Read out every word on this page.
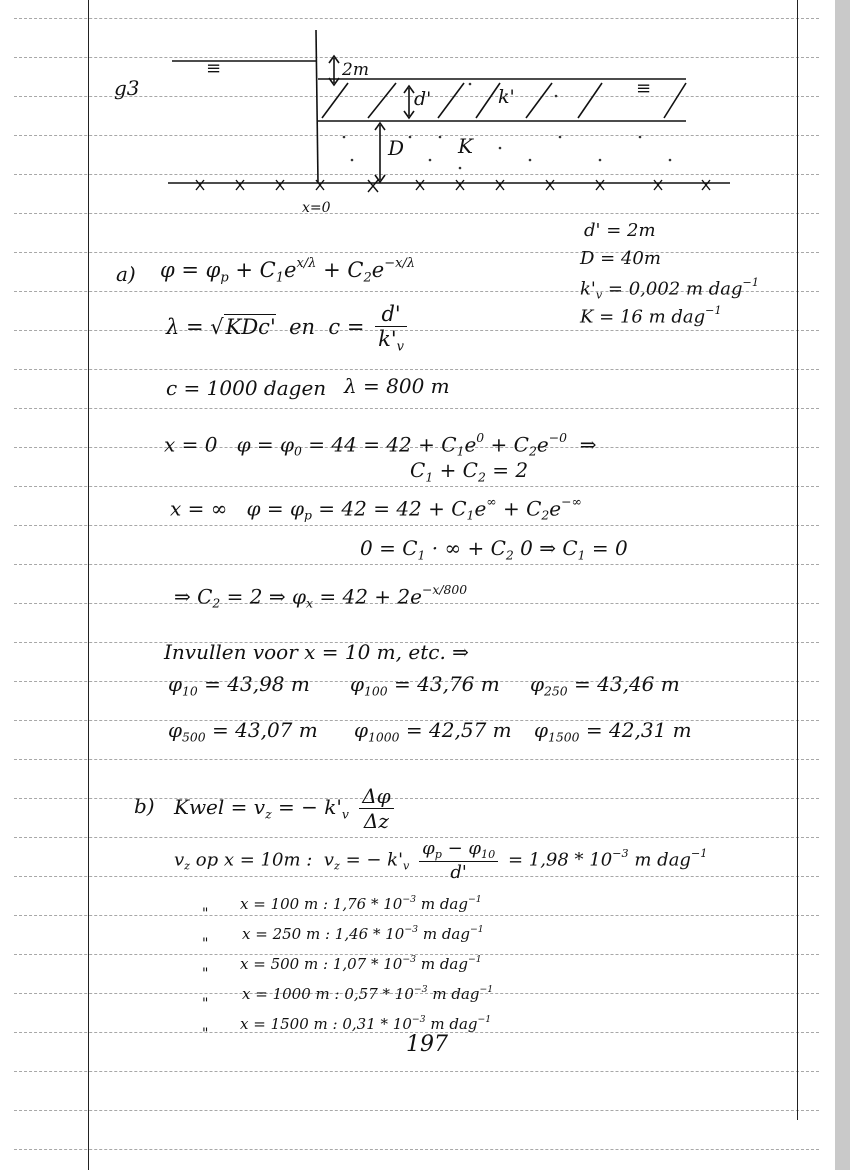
g3
≡
≡
2m
d'	k'
D	K
x=0
d' = 2m
D = 40m
$k'_v = 0,002$ m dag$^{-1}$
K = 16 m dag$^{-1}$
a) $\varphi = \varphi_p + C_1e^{x/\lambda} + C_2e^{-x/\lambda}$
λ = √KDc' en $c = \frac{d'}{k'_v}$
c = 1000 dagen λ = 800 m
x = 0 $\varphi = \varphi_0 = 44 = 42 + C_1e^0 + C_2e^{-0}$ ⇒
$C_1 + C_2 = 2$
x = ∞ $\varphi = \varphi_p = 42 = 42 + C_1e^\infty + C_2e^{-\infty}$
$0 = C_1$ · ∞ + $C_2$ 0 ⇒ $C_1 = 0$
⇒ $C_2 = 2$ ⇒ $\varphi_x = 42 + 2e^{-x/800}$
Invullen voor x = 10 m, etc. ⇒
$\varphi_{10} = 43,98$ m $\varphi_{100} = 43,76$ m $\varphi_{250} = 43,46$ m
$\varphi_{500} = 43,07$ m $\varphi_{1000} = 42,57$ m $\varphi_{1500} = 42,31$ m
b) Kwel = $v_z$ = − $k'_v \frac{\Delta\varphi}{\Delta z}$
$v_z$ op x = 10m : $v_z$ = − $k'_v \frac{\varphi_p - \varphi_{10}}{d'} = 1,98 * 10^{-3}$ m dag$^{-1}$
"
x = 100 m : $1,76 * 10^{-3}$ m dag$^{-1}$
"
x = 250 m : $1,46 * 10^{-3}$ m dag$^{-1}$
"
x = 500 m : $1,07 * 10^{-3}$ m dag$^{-1}$
"
x = 1000 m : $0,57 * 10^{-3}$ m dag$^{-1}$
"
x = 1500 m : $0,31 * 10^{-3}$ m dag$^{-1}$
197
